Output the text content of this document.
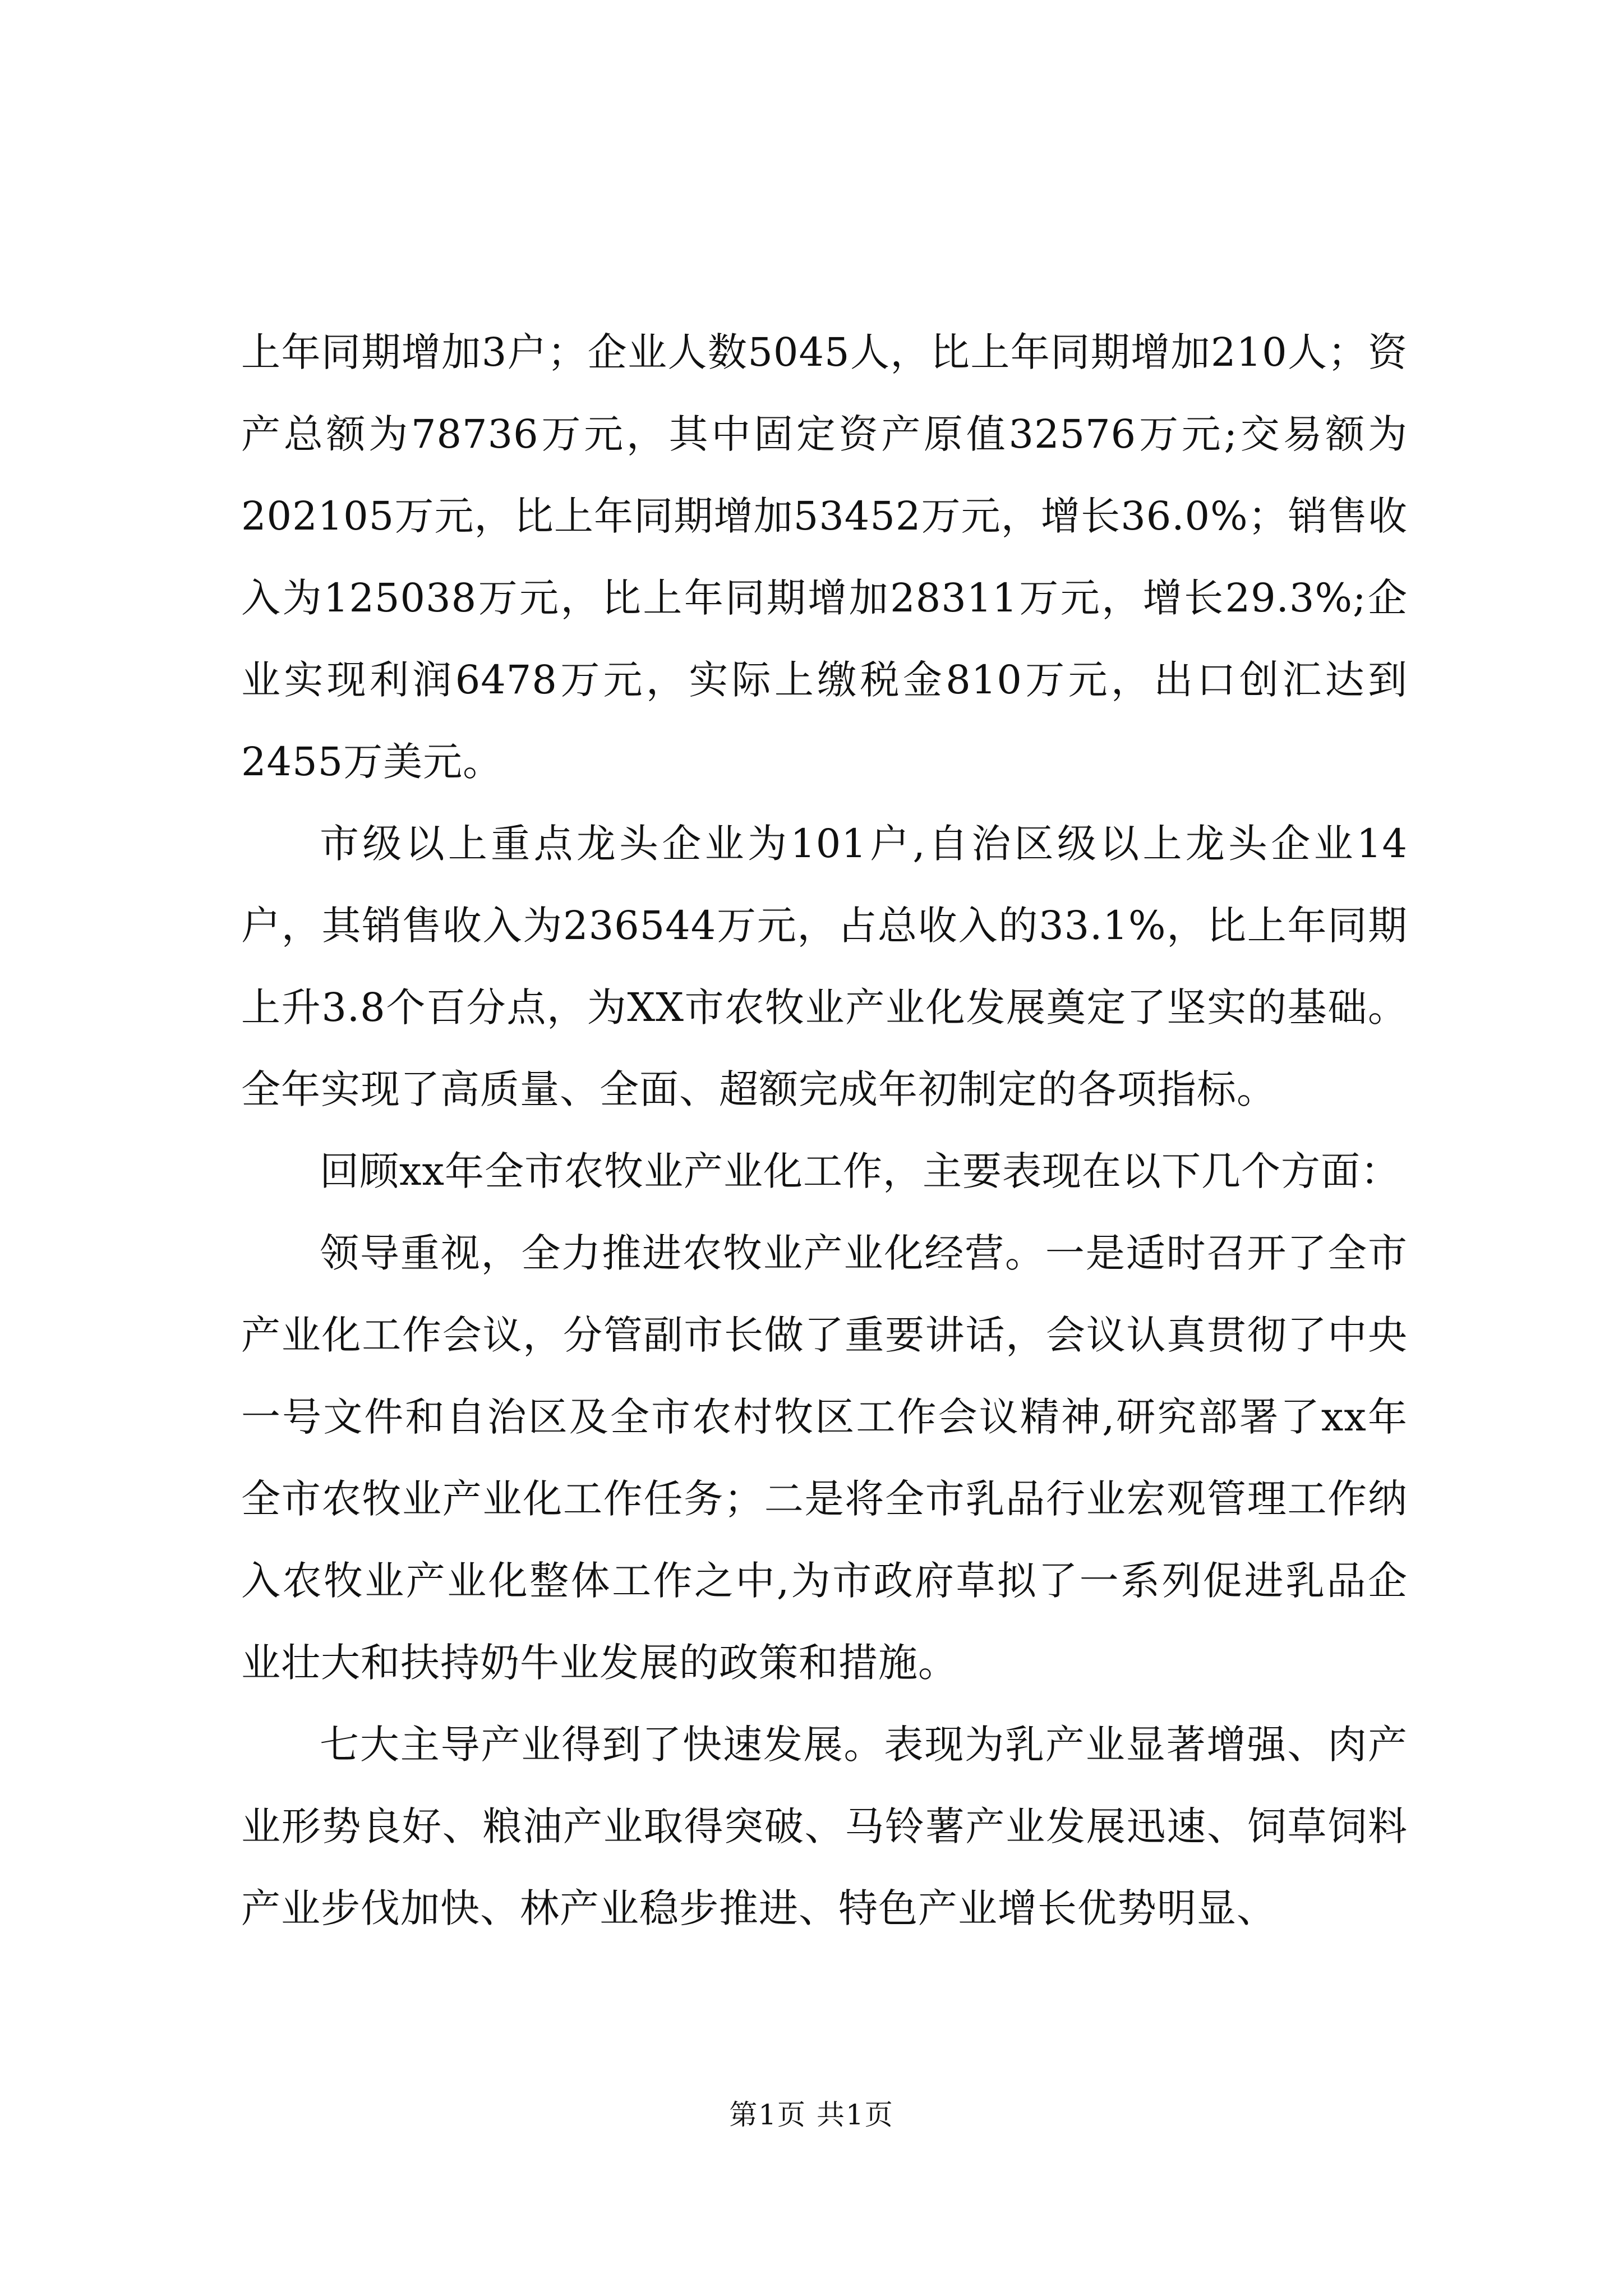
上年同期增加3户；企业人数5045人，比上年同期增加210人；资产总额为78736万元，其中固定资产原值32576万元;交易额为202105万元，比上年同期增加53452万元，增长36.0%；销售收入为125038万元，比上年同期增加28311万元，增长29.3%;企业实现利润6478万元，实际上缴税金810万元，出口创汇达到2455万美元。

市级以上重点龙头企业为101户,自治区级以上龙头企业14户，其销售收入为236544万元，占总收入的33.1%，比上年同期上升3.8个百分点，为XX市农牧业产业化发展奠定了坚实的基础。全年实现了高质量、全面、超额完成年初制定的各项指标。

回顾xx年全市农牧业产业化工作，主要表现在以下几个方面：

领导重视，全力推进农牧业产业化经营。一是适时召开了全市产业化工作会议，分管副市长做了重要讲话，会议认真贯彻了中央一号文件和自治区及全市农村牧区工作会议精神,研究部署了xx年全市农牧业产业化工作任务；二是将全市乳品行业宏观管理工作纳入农牧业产业化整体工作之中,为市政府草拟了一系列促进乳品企业壮大和扶持奶牛业发展的政策和措施。

七大主导产业得到了快速发展。表现为乳产业显著增强、肉产业形势良好、粮油产业取得突破、马铃薯产业发展迅速、饲草饲料产业步伐加快、林产业稳步推进、特色产业增长优势明显、

第1页 共1页
